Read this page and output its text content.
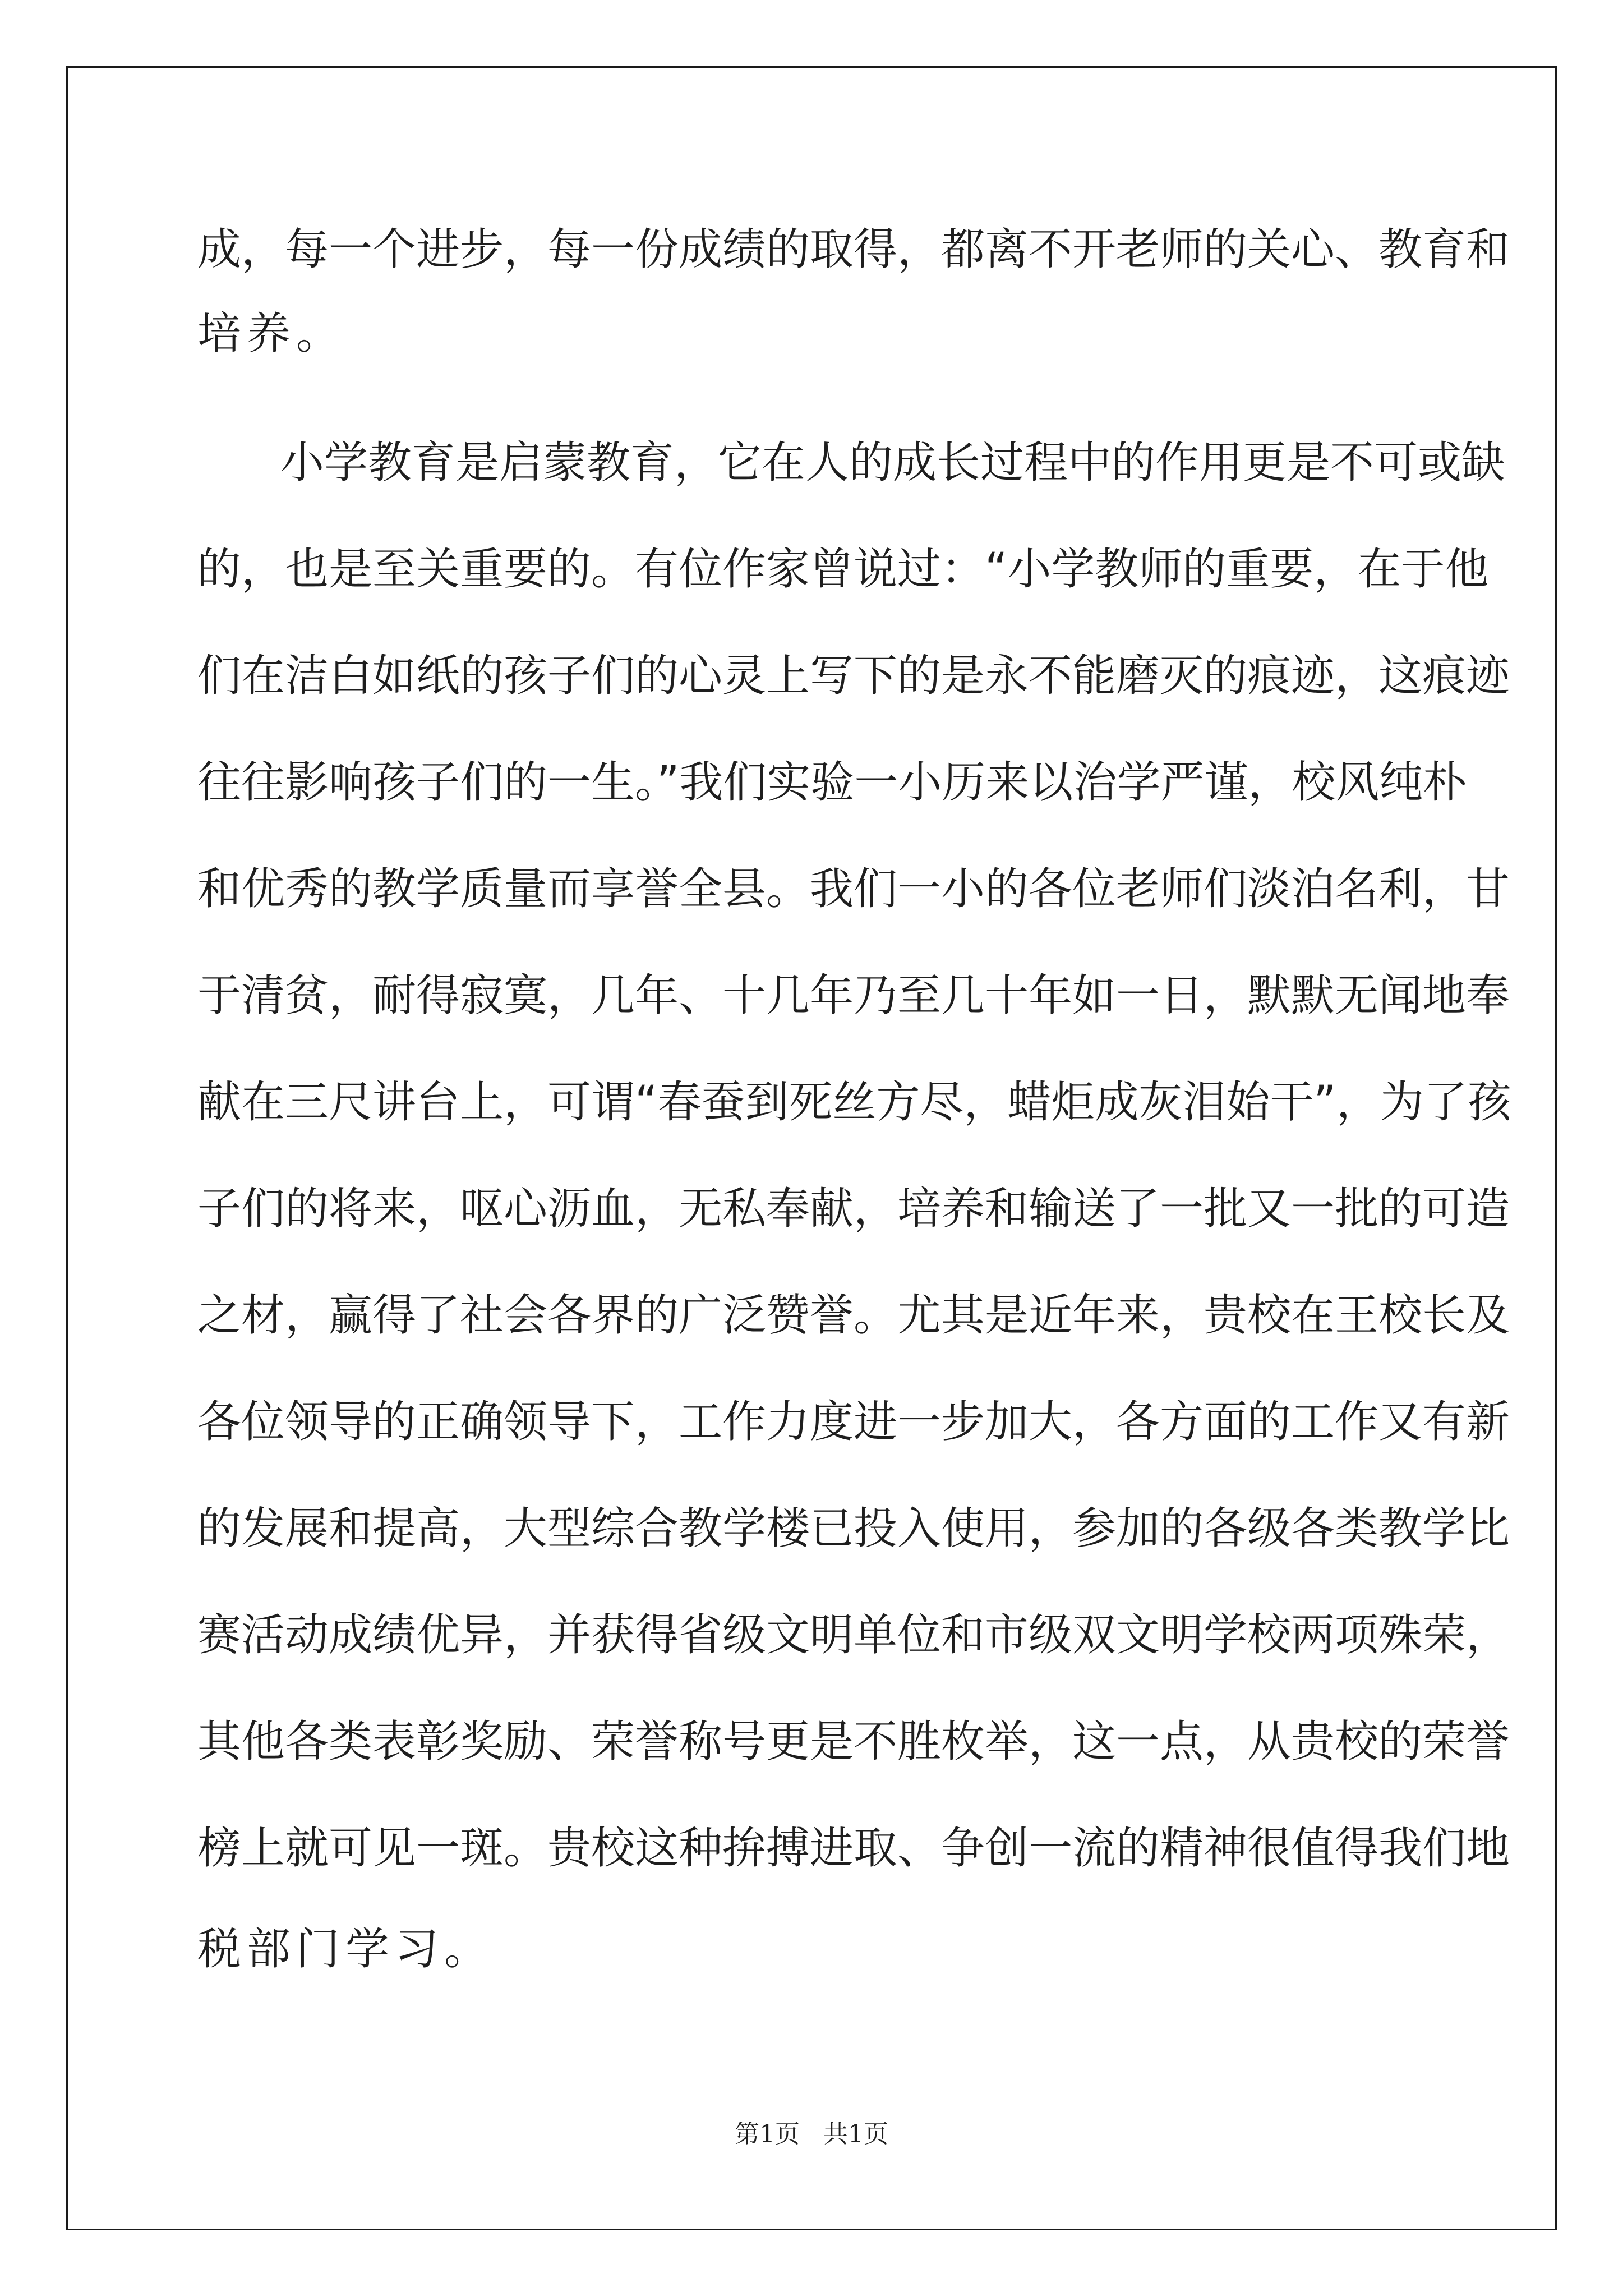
成，每一个进步，每一份成绩的取得，都离不开老师的关心、教育和

培养。

小学教育是启蒙教育，它在人的成长过程中的作用更是不可或缺

的，也是至关重要的。有位作家曾说过：“小学教师的重要，在于他

们在洁白如纸的孩子们的心灵上写下的是永不能磨灭的痕迹，这痕迹

往往影响孩子们的一生。”我们实验一小历来以治学严谨，校风纯朴

和优秀的教学质量而享誉全县。我们一小的各位老师们淡泊名利，甘

于清贫，耐得寂寞，几年、十几年乃至几十年如一日，默默无闻地奉

献在三尺讲台上，可谓“春蚕到死丝方尽，蜡炬成灰泪始干”，为了孩

子们的将来，呕心沥血，无私奉献，培养和输送了一批又一批的可造

之材，赢得了社会各界的广泛赞誉。尤其是近年来，贵校在王校长及

各位领导的正确领导下，工作力度进一步加大，各方面的工作又有新

的发展和提高，大型综合教学楼已投入使用，参加的各级各类教学比

赛活动成绩优异，并获得省级文明单位和市级双文明学校两项殊荣，

其他各类表彰奖励、荣誉称号更是不胜枚举，这一点，从贵校的荣誉

榜上就可见一斑。贵校这种拚搏进取、争创一流的精神很值得我们地

税部门学习。

第1页   共1页
